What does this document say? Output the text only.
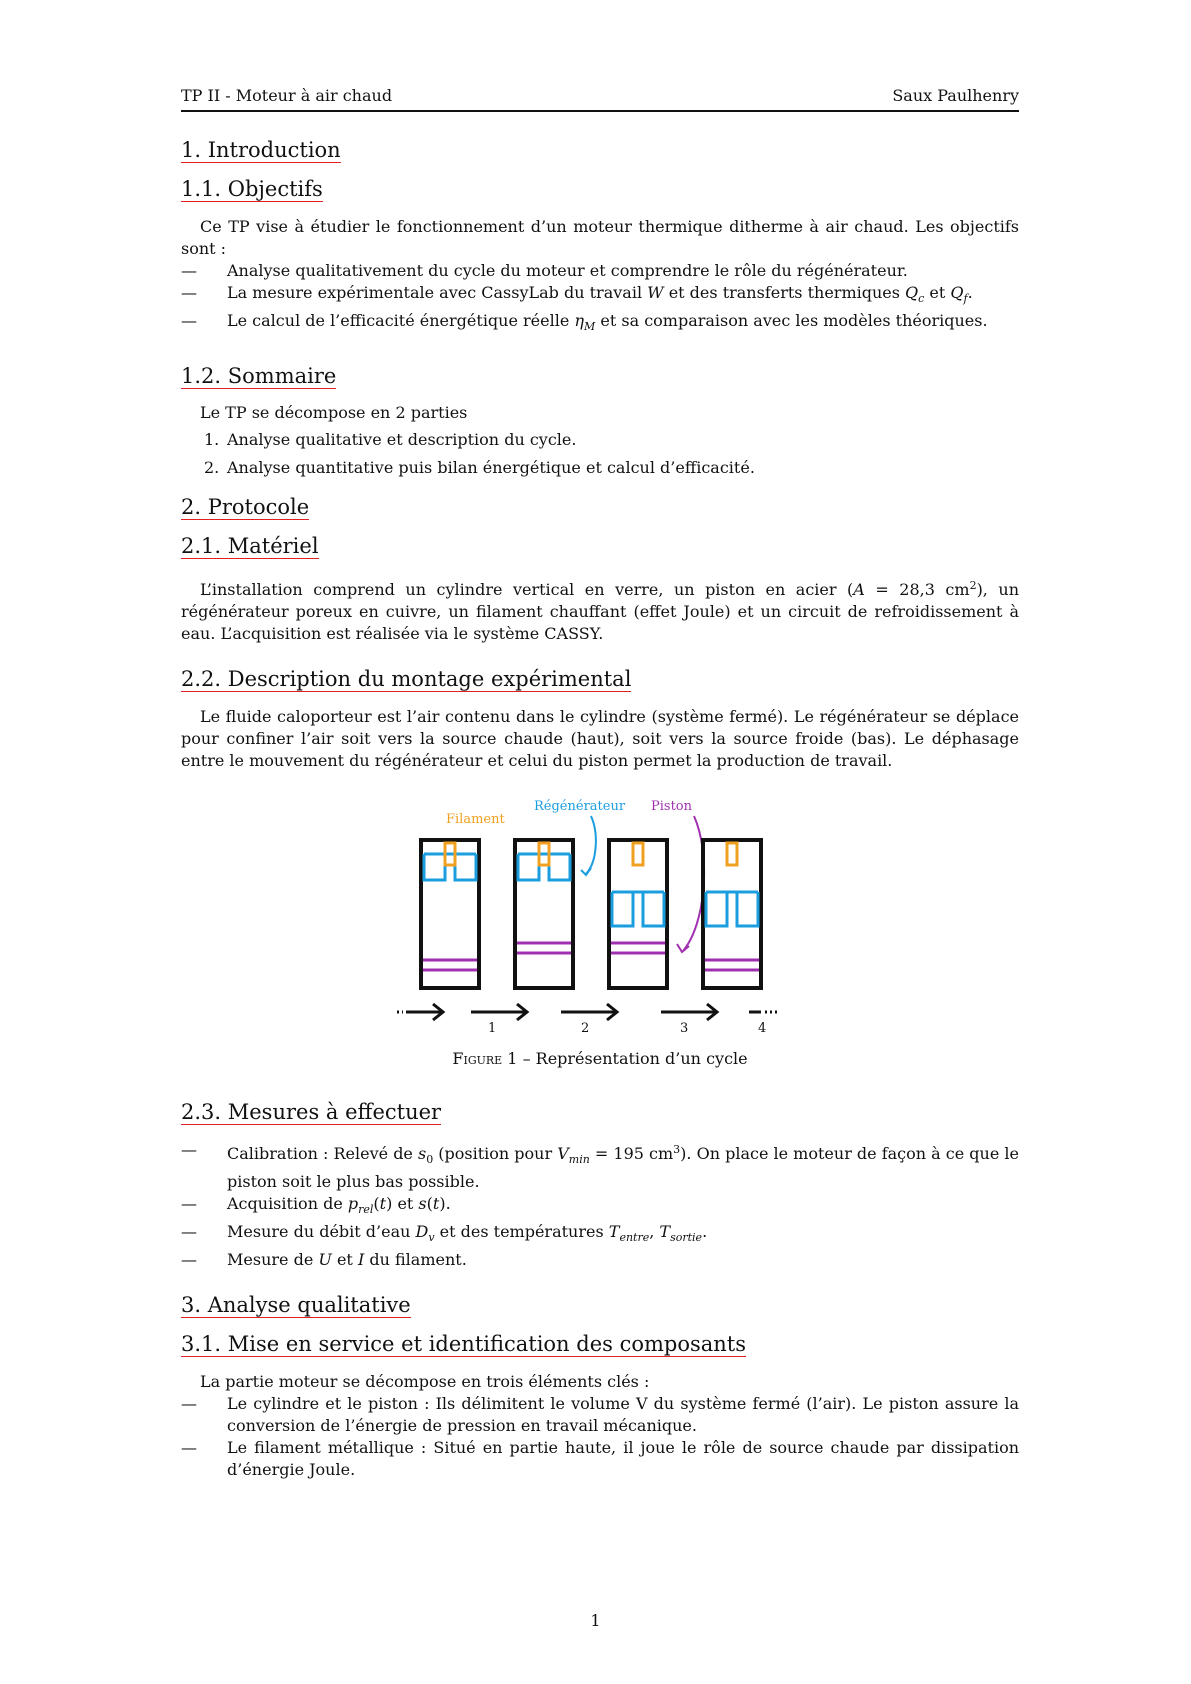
TP II - Moteur à air chaud	Saux Paulhenry
1. Introduction
1.1. Objectifs

Ce TP vise à étudier le fonctionnement d’un moteur thermique ditherme à air chaud. Les objectifs sont :

— Analyse qualitativement du cycle du moteur et comprendre le rôle du régénérateur.
— La mesure expérimentale avec CassyLab du travail W et des transferts thermiques $Q_c$ et $Q_f$.
— Le calcul de l’efficacité énergétique réelle $\eta_M$ et sa comparaison avec les modèles théoriques.
1.2. Sommaire

Le TP se décompose en 2 parties

1. Analyse qualitative et description du cycle.
2. Analyse quantitative puis bilan énergétique et calcul d’efficacité.
2. Protocole
2.1. Matériel

L’installation comprend un cylindre vertical en verre, un piston en acier (A = 28,3 $cm^2$), un régénérateur poreux en cuivre, un filament chauffant (effet Joule) et un circuit de refroidissement à eau. L’acquisition est réalisée via le système CASSY.

2.2. Description du montage expérimental

Le fluide caloporteur est l’air contenu dans le cylindre (système fermé). Le régénérateur se déplace pour confiner l’air soit vers la source chaude (haut), soit vers la source froide (bas). Le déphasage entre le mouvement du régénérateur et celui du piston permet la production de travail.

Filament
Régénérateur Piston
1	2	3	4
Figure 1 – Représentation d’un cycle
2.3. Mesures à effectuer
— Calibration : Relevé de $s_0$ (position pour $V_{min} = 195$ $cm^3$). On place le moteur de façon à ce que le piston soit le plus bas possible.
— Acquisition de $p_{rel}(t)$ et s(t).
— Mesure du débit d’eau $D_v$ et des températures $T_{entre}$, $T_{sortie}$.
— Mesure de U et I du filament.
3. Analyse qualitative
3.1. Mise en service et identification des composants

La partie moteur se décompose en trois éléments clés :

— Le cylindre et le piston : Ils délimitent le volume V du système fermé (l’air). Le piston assure la conversion de l’énergie de pression en travail mécanique.
— Le filament métallique : Situé en partie haute, il joue le rôle de source chaude par dissipation d’énergie Joule.
1
